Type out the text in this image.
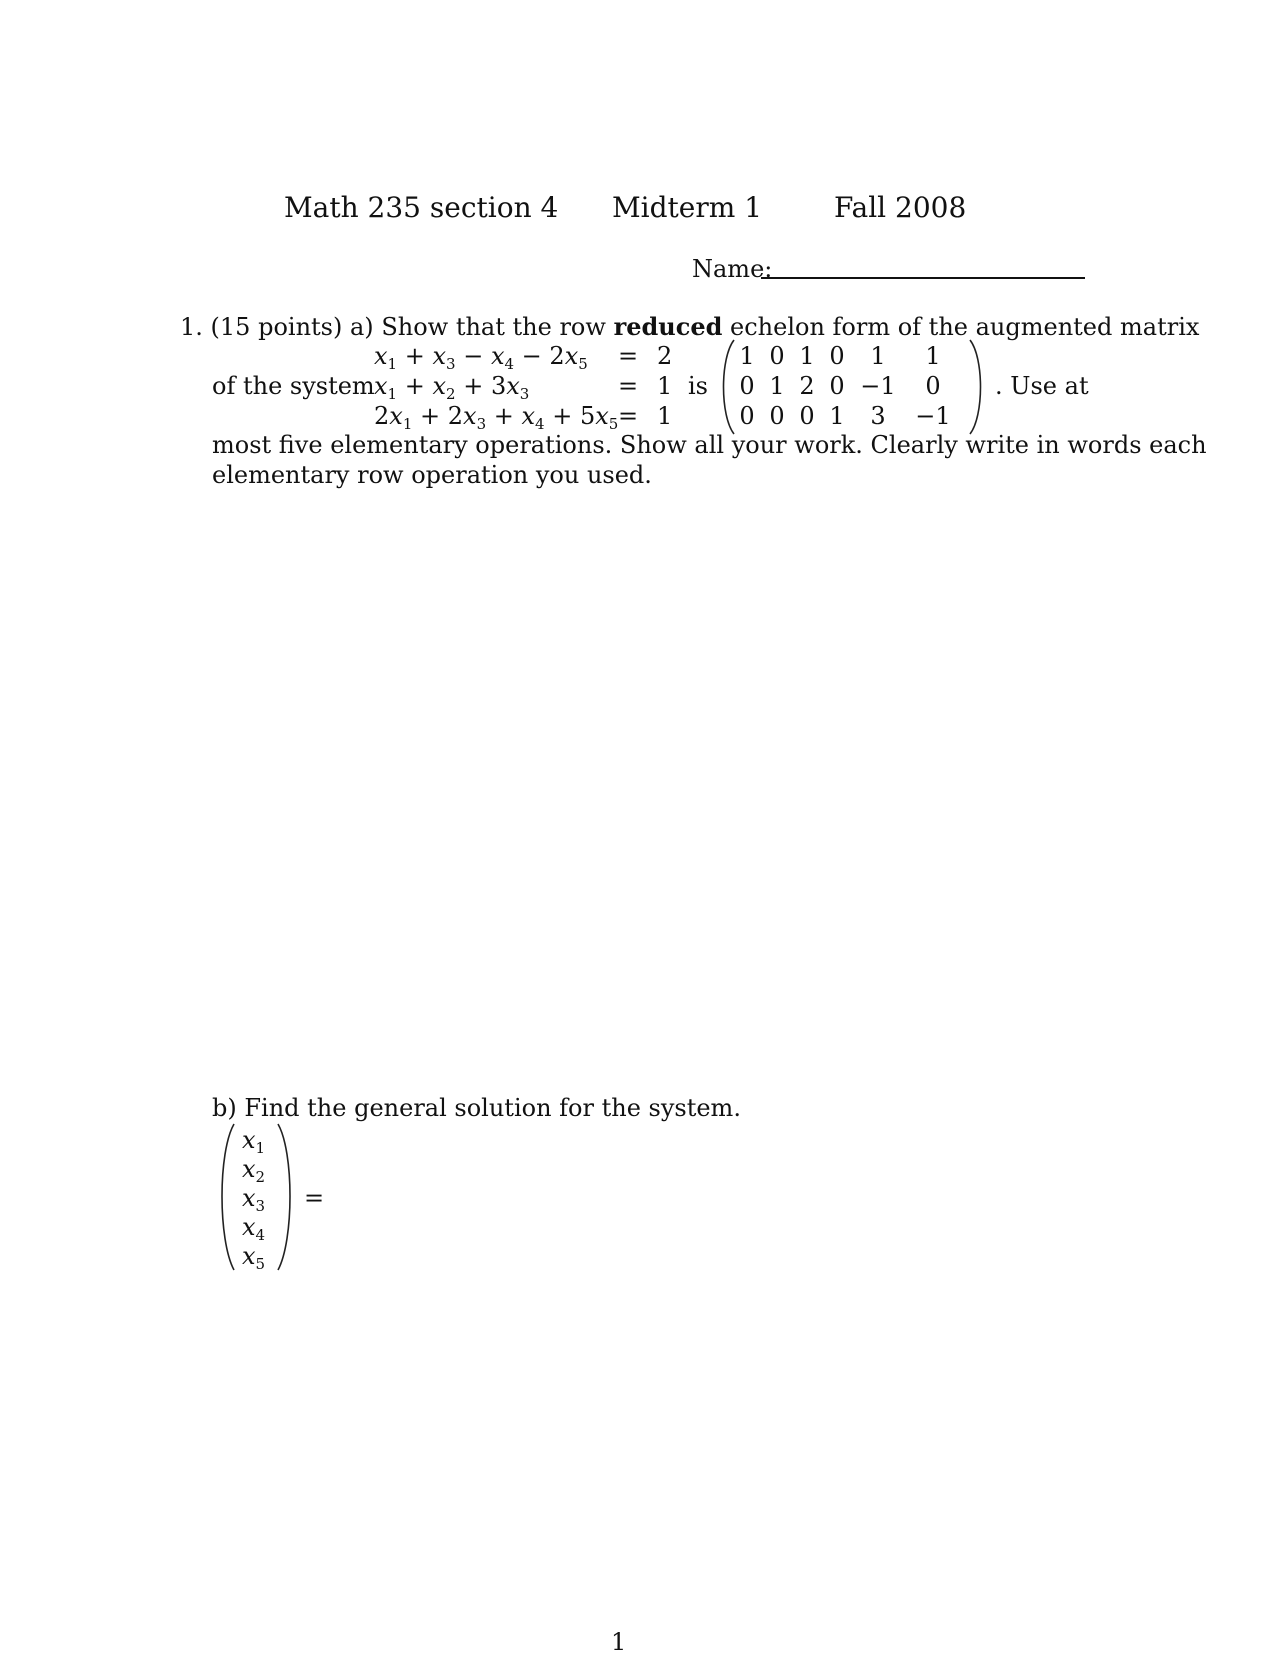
Math 235 section 4 Midterm 1	Fall 2008
Name:
1. (15 points) a) Show that the row reduced echelon form of the augmented matrix
of the system
$x_1 + x_3 - x_4 - 2x_5$
$x_1 + x_2 + 3x_3$
$2x_1 + 2x_3 + x_4 + 5x_5$
=
=
=
2
1
1
is
1 0 1 0 1 1
0 1 2 0 −1 0
0 0 0 1 3 −1
. Use at
most five elementary operations. Show all your work. Clearly write in words each
elementary row operation you used.
b) Find the general solution for the system.
$x_1$
$x_2$
$x_3$
$x_4$
$x_5$
=
1
